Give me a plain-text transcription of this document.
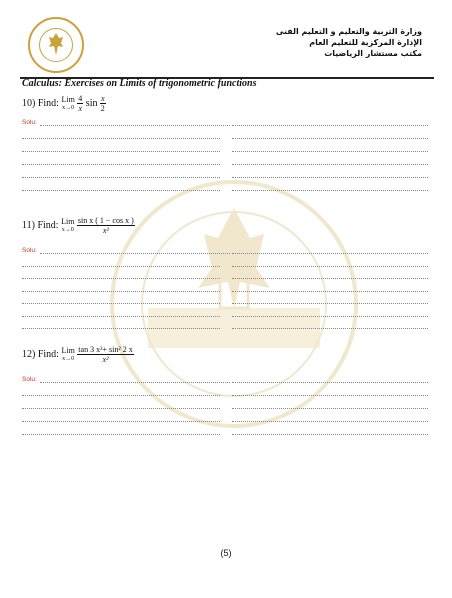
وزارة التربية والتعليم و التعليم الفنى
الإدارة المركزية للتعليم العام
مكتب مستشار الرياضيات
Calculus: Exercises on Limits of trigonometric functions
10) Find: Lim
x→0
$\frac{4}{x}$ $\sin \frac{x}{2}$
Solu:
11) Find: Lim
x→0
$\frac{\text{sin x ( 1 − cos x )}}{\text{x²}}$
Solu:
12) Find: Lim
x→0
$\frac{\text{tan 3 x²+ sin² 2 x}}{\text{x²}}$
Solu:
(5)
